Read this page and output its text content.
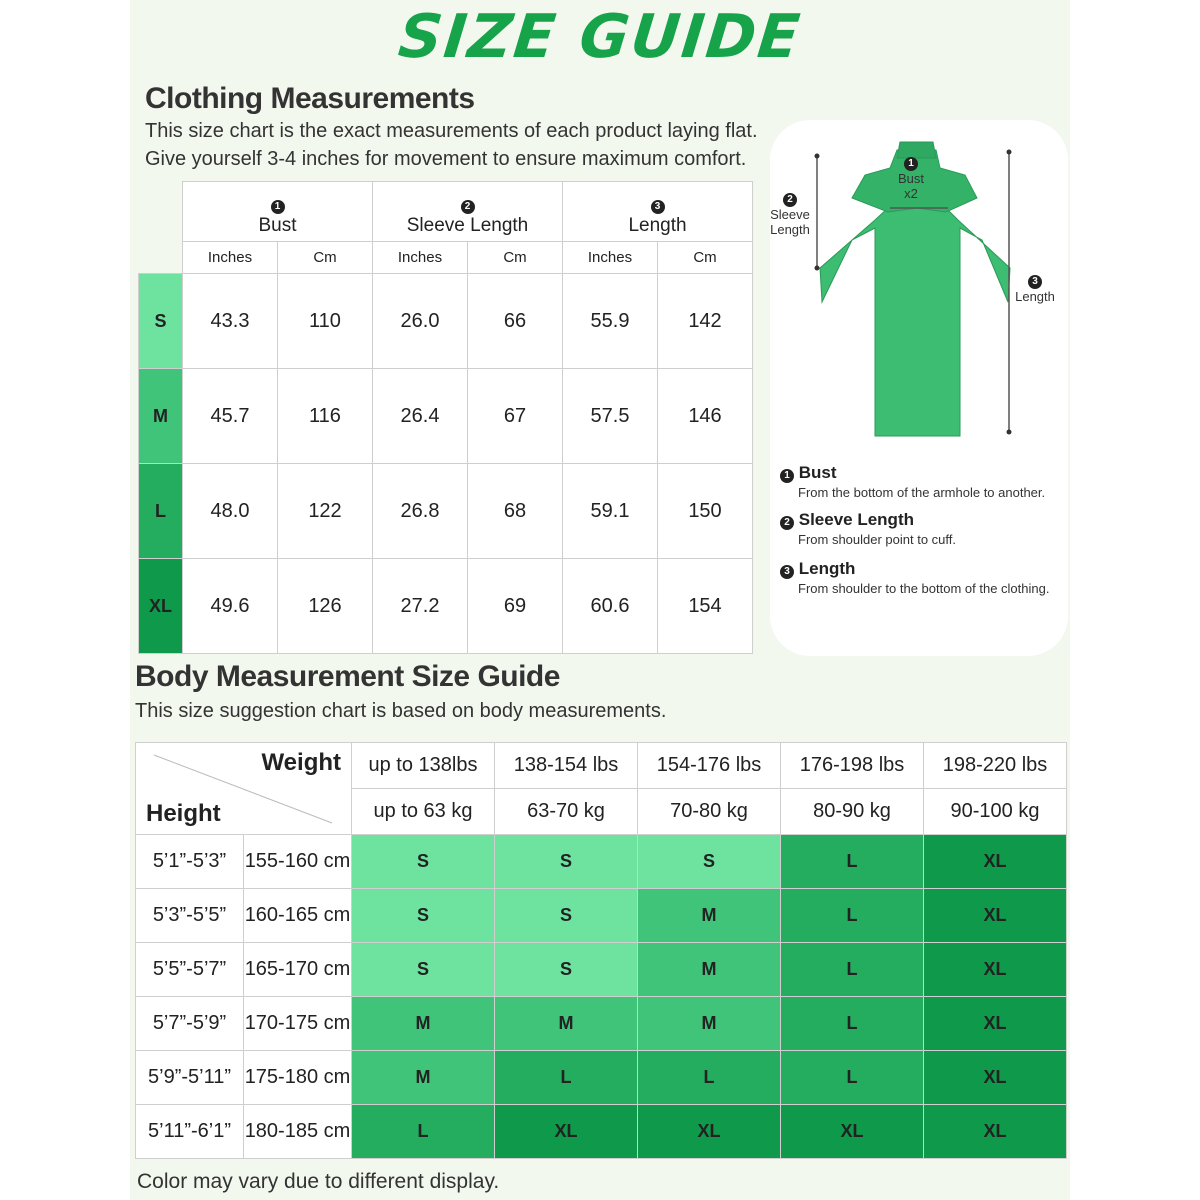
SIZE GUIDE
Clothing Measurements
This size chart is the exact measurements of each product laying flat.
Give yourself 3-4 inches for movement to ensure maximum comfort.
	1
Bust		2
Sleeve Length		3
Length	
	Inches	Cm	Inches	Cm	Inches	Cm
S	43.3	110	26.0	66	55.9	142
M	45.7	116	26.4	67	57.5	146
L	48.0	122	26.8	68	59.1	150
XL	49.6	126	27.2	69	60.6	154
1
Bust
x2
2
Sleeve
Length
3
Length
1 Bust
From the bottom of the armhole to another.
2 Sleeve Length
From shoulder point to cuff.
3 Length
From shoulder to the bottom of the clothing.
Body Measurement Size Guide
This size suggestion chart is based on body measurements.
Weight
Height		up to 138lbs	138-154 lbs	154-176 lbs	176-198 lbs	198-220 lbs
		up to 63 kg	63-70 kg	70-80 kg	80-90 kg	90-100 kg
5’1”-5’3”	155-160 cm	S	S	S	L	XL
5’3”-5’5”	160-165 cm	S	S	M	L	XL
5’5”-5’7”	165-170 cm	S	S	M	L	XL
5’7”-5’9”	170-175 cm	M	M	M	L	XL
5’9”-5’11”	175-180 cm	M	L	L	L	XL
5’11”-6’1”	180-185 cm	L	XL	XL	XL	XL
Color may vary due to different display.
